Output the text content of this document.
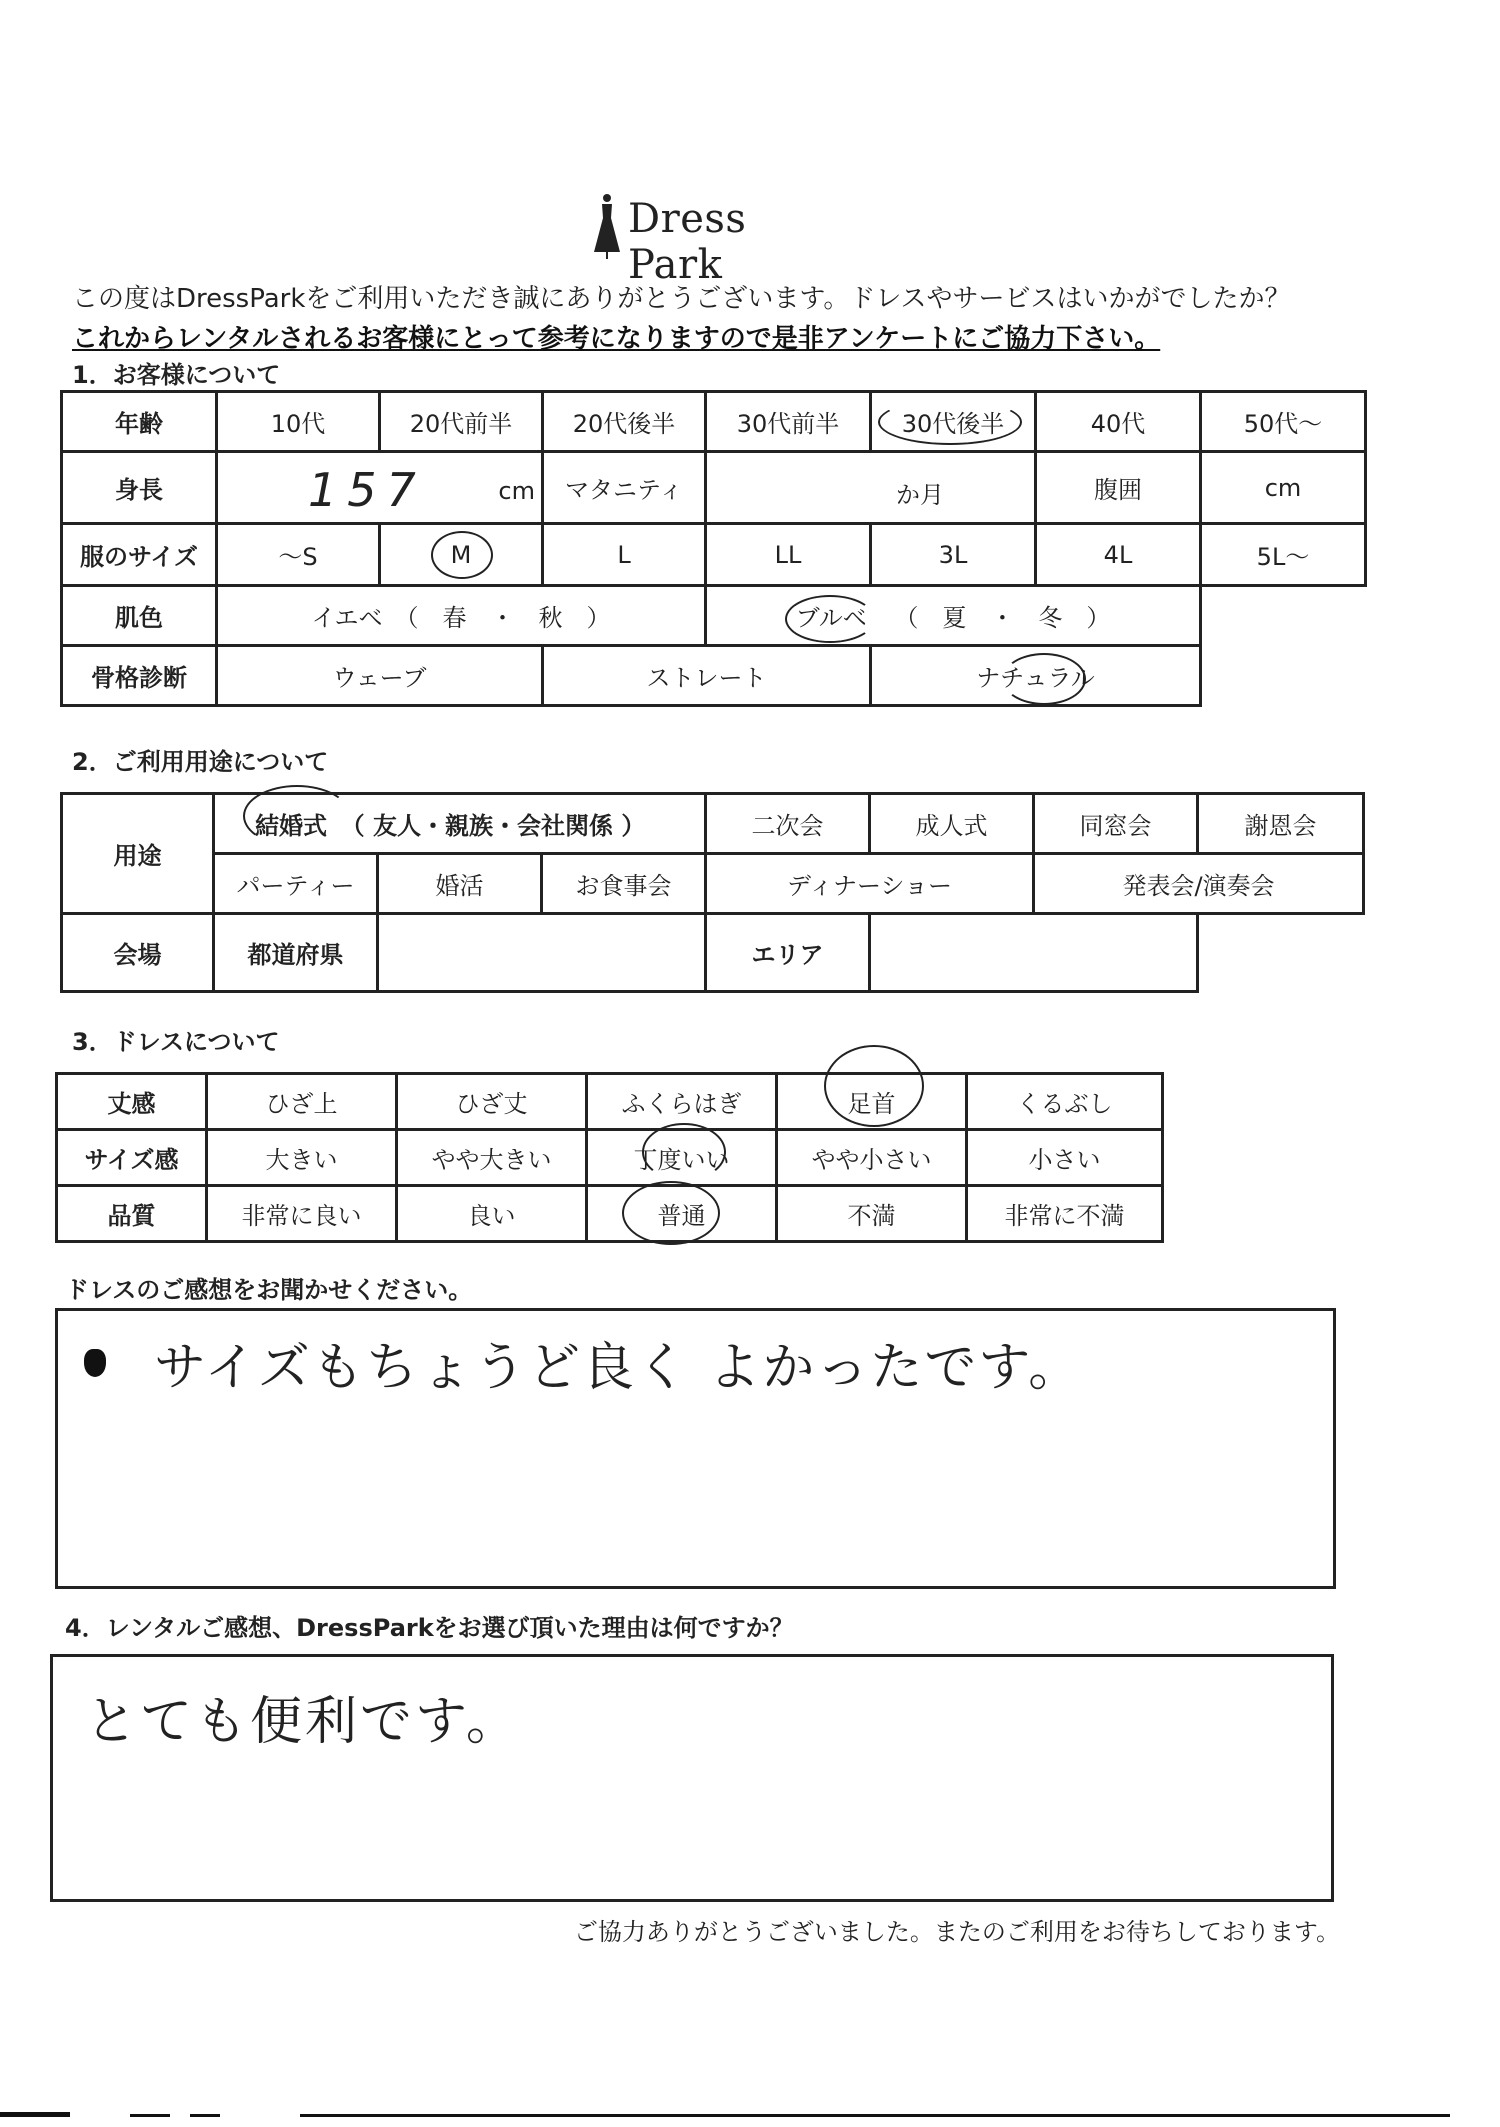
Dress Park
この度はDressParkをご利用いただき誠にありがとうございます。ドレスやサービスはいかがでしたか？
これからレンタルされるお客様にとって参考になりますので是非アンケートにご協力下さい。
1．お客様について
年齢	10代	20代前半	20代後半	30代前半	30代後半	40代	50代〜
身長	157 cm		マタニティ	か月		腹囲	cm
服のサイズ	〜S	M	L	LL	3L	4L	5L〜
肌色	イエベ　（　春　・　秋　）			ブルベ （　夏　・　冬　）		

骨格診断	ウェーブ		ストレート		ナチュラル	

2．ご利用用途について
用途	結婚式 （ 友人・親族・会社関係 ）			二次会	成人式	同窓会	謝恩会
	パーティー	婚活	お食事会	ディナーショー		発表会/演奏会	
会場	都道府県			エリア			
3．ドレスについて
丈感	ひざ上	ひざ丈	ふくらはぎ	足首	くるぶし
サイズ感	大きい	やや大きい	丁度いい	やや小さい	小さい
品質	非常に良い	良い	普通	不満	非常に不満
ドレスのご感想をお聞かせください。
サイズもちょうど良く よかったです。
4．レンタルご感想、DressParkをお選び頂いた理由は何ですか？
とても便利です。
ご協力ありがとうございました。またのご利用をお待ちしております。
